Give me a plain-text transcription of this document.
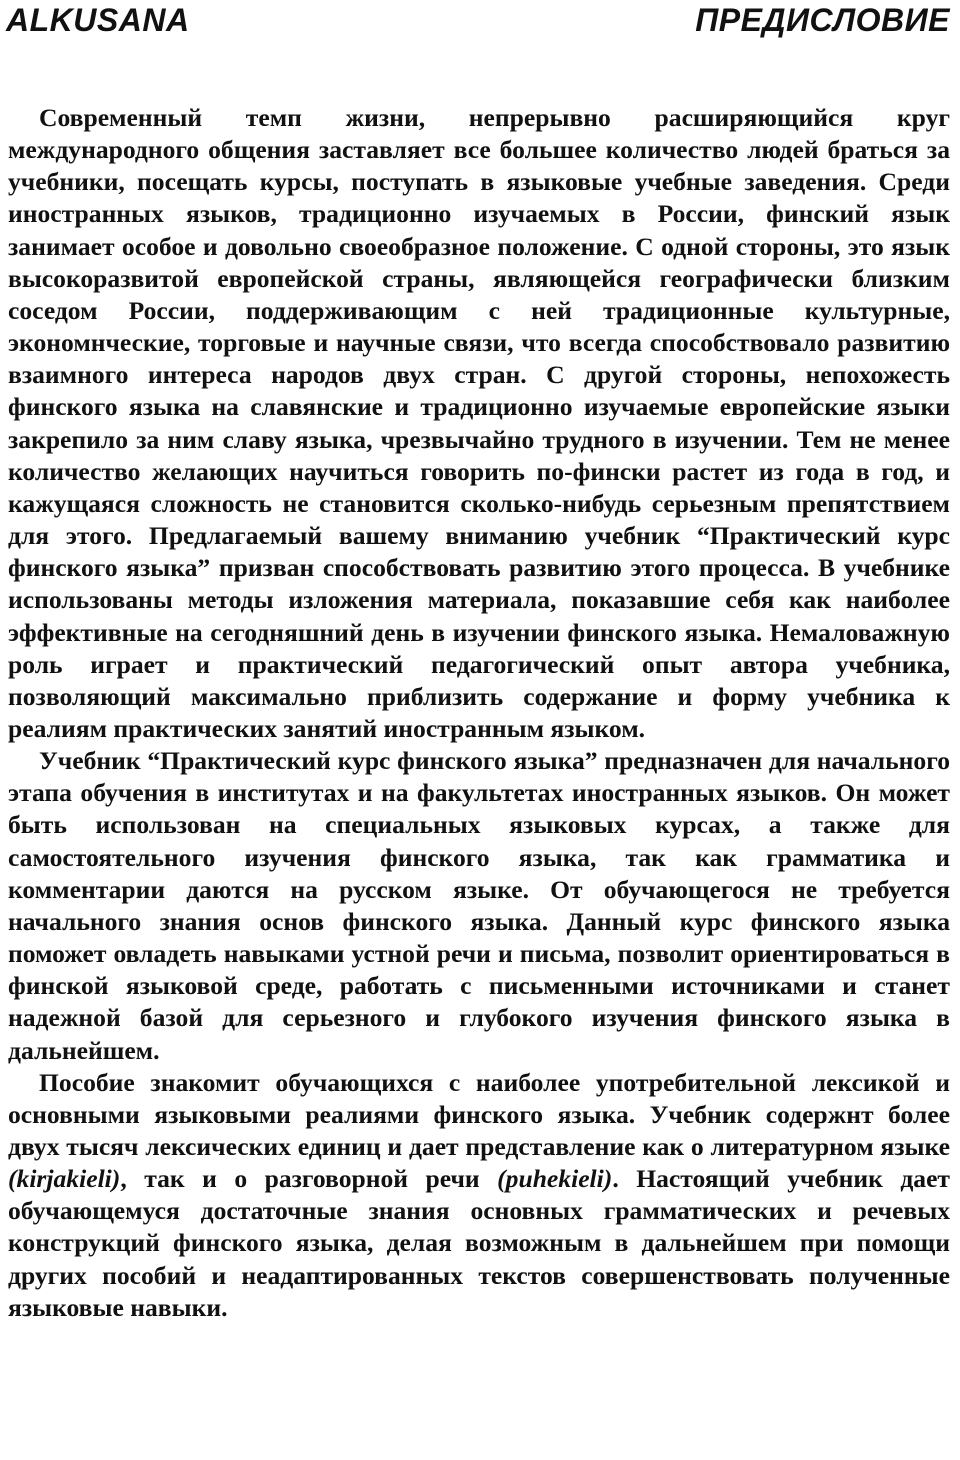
ALKUSANA	ПРЕДИСЛОВИЕ

Современный темп жизни, непрерывно расширяющийся круг международного общения заставляет все большее количество людей браться за учебники, посещать курсы, поступать в языковые учебные заведения. Среди иностранных языков, традиционно изучаемых в России, финский язык занимает особое и довольно своеобразное положение. С одной стороны, это язык высокоразвитой европейской страны, являющейся географически близким соседом России, поддерживающим с ней традиционные культурные, экономнческие, торговые и научные связи, что всегда способствовало развитию взаимного интереса народов двух стран. С другой стороны, непохожесть финского языка на славянские и традиционно изучаемые европейские языки закрепило за ним славу языка, чрезвычайно трудного в изучении. Тем не менее количество желающих научиться говорить по-фински растет из года в год, и кажущаяся сложность не становится сколько-нибудь серьезным препятствием для этого. Предлагаемый вашему вниманию учебник “Практический курс финского языка” призван способствовать развитию этого процесса. В учебнике использованы методы изложения материала, показавшие себя как наиболее эффективные на сегодняшний день в изучении финского языка. Немаловажную роль играет и практический педагогический опыт автора учебника, позволяющий максимально приблизить содержание и форму учебника к реалиям практических занятий иностранным языком.

Учебник “Практический курс финского языка” предназначен для начального этапа обучения в институтах и на факультетах иностранных языков. Он может быть использован на специальных языковых курсах, а также для самостоятельного изучения финского языка, так как грамматика и комментарии даются на русском языке. От обучающегося не требуется начального знания основ финского языка. Данный курс финского языка поможет овладеть навыками устной речи и письма, позволит ориентироваться в финской языковой среде, работать с письменными источниками и станет надежной базой для серьезного и глубокого изучения финского языка в дальнейшем.

Пособие знакомит обучающихся с наиболее употребительной лексикой и основными языковыми реалиями финского языка. Учебник содержнт более двух тысяч лексических единиц и дает представление как о литературном языке (kirjakieli), так и о разговорной речи (puhekieli). Настоящий учебник дает обучающемуся достаточные знания основных грамматических и речевых конструкций финского языка, делая возможным в дальнейшем при помощи других пособий и неадаптированных текстов совершенствовать полученные языковые навыки.
